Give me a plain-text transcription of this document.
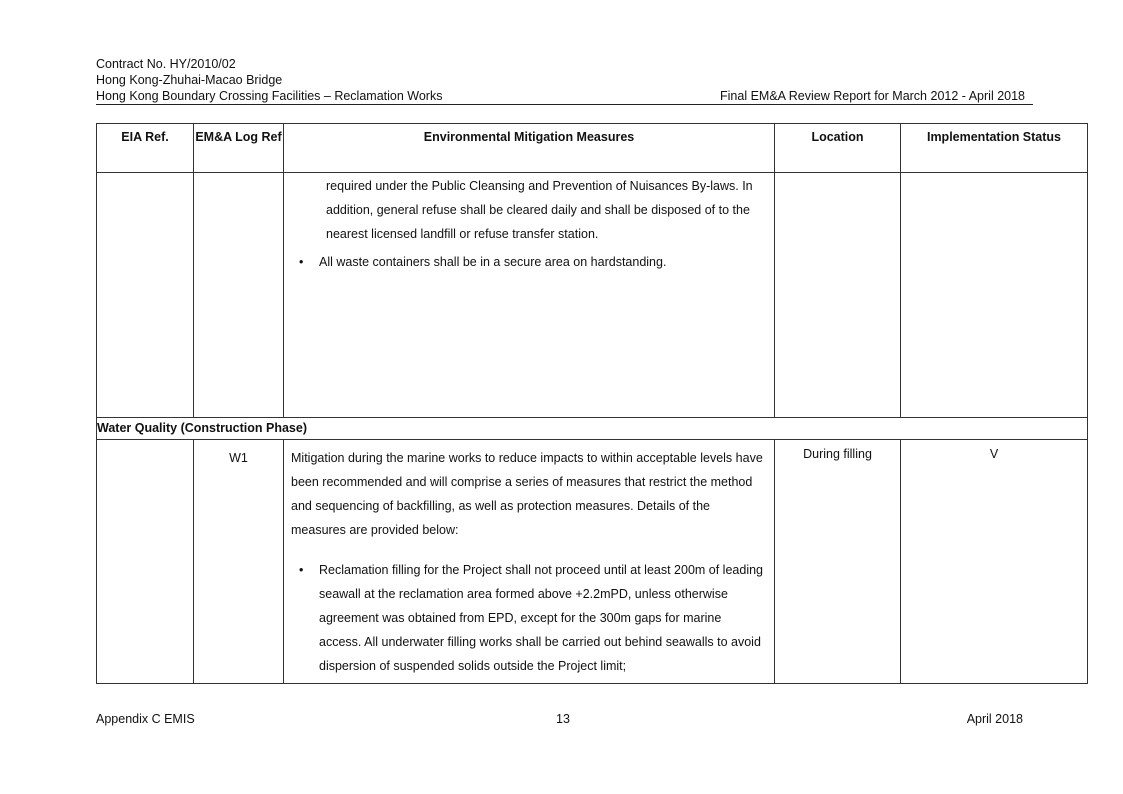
Contract No. HY/2010/02
Hong Kong-Zhuhai-Macao Bridge
Hong Kong Boundary Crossing Facilities – Reclamation Works	Final EM&A Review Report for March 2012 - April 2018
EIA Ref.	EM&A Log Ref	Environmental Mitigation Measures	Location	Implementation Status

		required under the Public Cleansing and Prevention of Nuisances By-laws. In addition, general refuse shall be cleared daily and shall be disposed of to the nearest licensed landfill or refuse transfer station.
• All waste containers shall be in a secure area on hardstanding.		

Water Quality (Construction Phase)				
	W1	Mitigation during the marine works to reduce impacts to within acceptable levels have been recommended and will comprise a series of measures that restrict the method and sequencing of backfilling, as well as protection measures. Details of the measures are provided below:

• Reclamation filling for the Project shall not proceed until at least 200m of leading seawall at the reclamation area formed above +2.2mPD, unless otherwise agreement was obtained from EPD, except for the 300m gaps for marine access. All underwater filling works shall be carried out behind seawalls to avoid dispersion of suspended solids outside the Project limit;	During filling	V
Appendix C EMIS	13	April 2018
